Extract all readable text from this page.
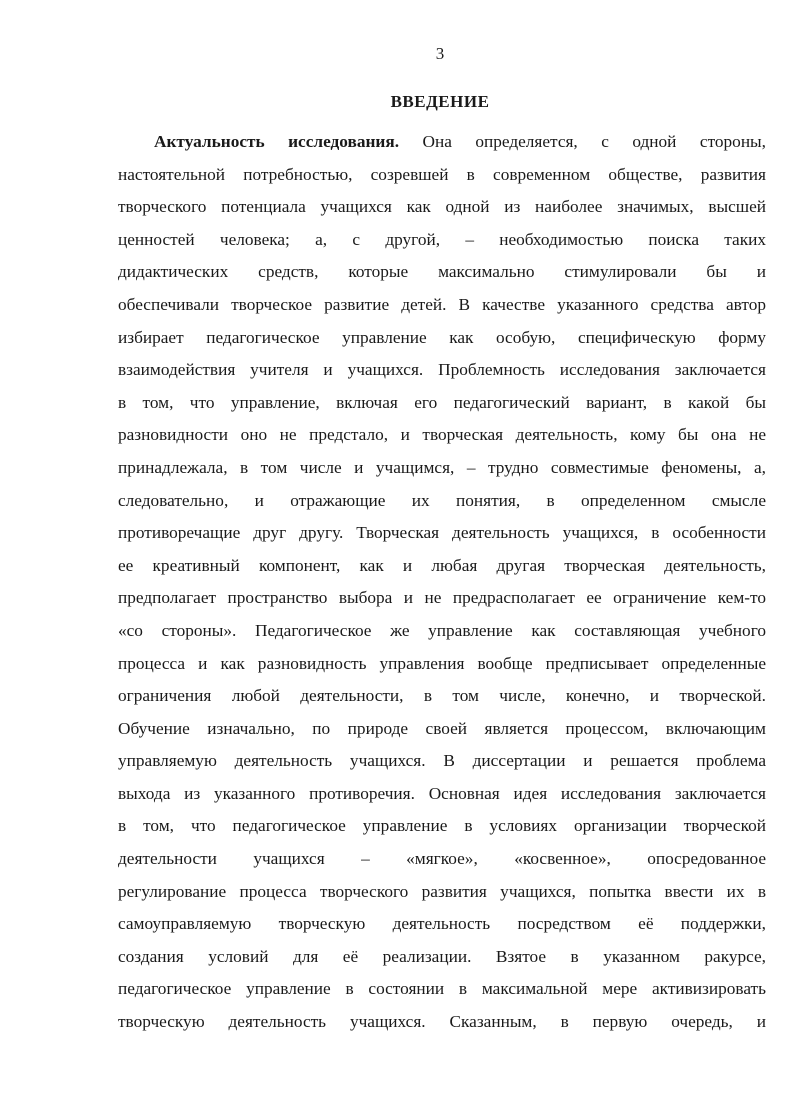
3
ВВЕДЕНИЕ
Актуальность исследования. Она определяется, с одной стороны,
настоятельной потребностью, созревшей в современном обществе, развития
творческого потенциала учащихся как одной из наиболее значимых, высшей
ценностей человека; а, с другой, – необходимостью поиска таких
дидактических средств, которые максимально стимулировали бы и
обеспечивали творческое развитие детей. В качестве указанного средства автор
избирает педагогическое управление как особую, специфическую форму
взаимодействия учителя и учащихся. Проблемность исследования заключается
в том, что управление, включая его педагогический вариант, в какой бы
разновидности оно не предстало, и творческая деятельность, кому бы она не
принадлежала, в том числе и учащимся, – трудно совместимые феномены, а,
следовательно, и отражающие их понятия, в определенном смысле
противоречащие друг другу. Творческая деятельность учащихся, в особенности
ее креативный компонент, как и любая другая творческая деятельность,
предполагает пространство выбора и не предрасполагает ее ограничение кем-то
«со стороны». Педагогическое же управление как составляющая учебного
процесса и как разновидность управления вообще предписывает определенные
ограничения любой деятельности, в том числе, конечно, и творческой.
Обучение изначально, по природе своей является процессом, включающим
управляемую деятельность учащихся. В диссертации и решается проблема
выхода из указанного противоречия. Основная идея исследования заключается
в том, что педагогическое управление в условиях организации творческой
деятельности учащихся – «мягкое», «косвенное», опосредованное
регулирование процесса творческого развития учащихся, попытка ввести их в
самоуправляемую творческую деятельность посредством её поддержки,
создания условий для её реализации. Взятое в указанном ракурсе,
педагогическое управление в состоянии в максимальной мере активизировать
творческую деятельность учащихся. Сказанным, в первую очередь, и
